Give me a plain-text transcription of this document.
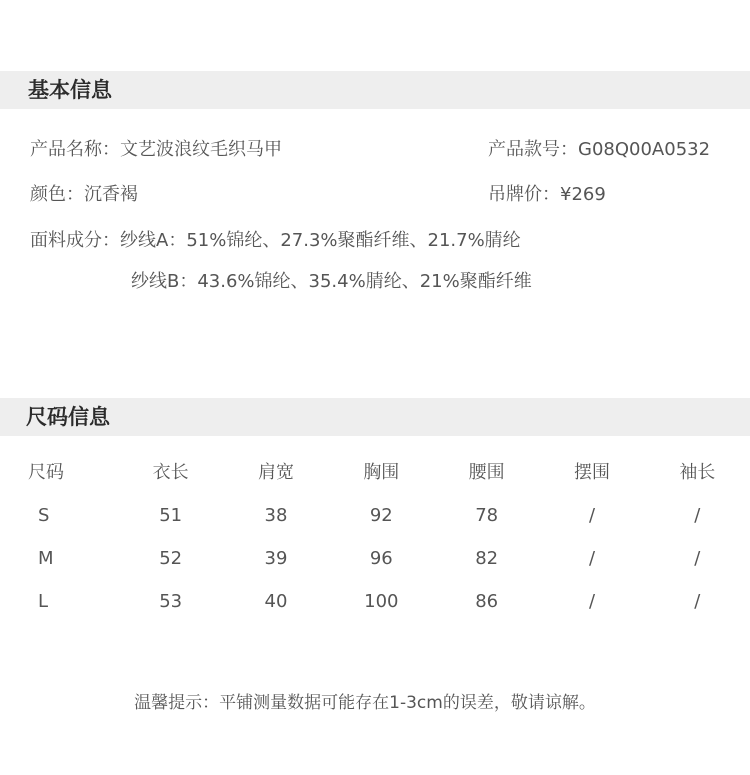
基本信息
产品名称：文艺波浪纹毛织马甲	产品款号：G08Q00A0532
颜色：沉香褐	吊牌价：¥269
面料成分：纱线A：51%锦纶、27.3%聚酯纤维、21.7%腈纶
纱线B：43.6%锦纶、35.4%腈纶、21%聚酯纤维
尺码信息
尺码	衣长	肩宽	胸围	腰围	摆围	袖长
S	51	38	92	78	/	/
M	52	39	96	82	/	/
L	53	40	100	86	/	/
温馨提示：平铺测量数据可能存在1-3cm的误差，敬请谅解。
